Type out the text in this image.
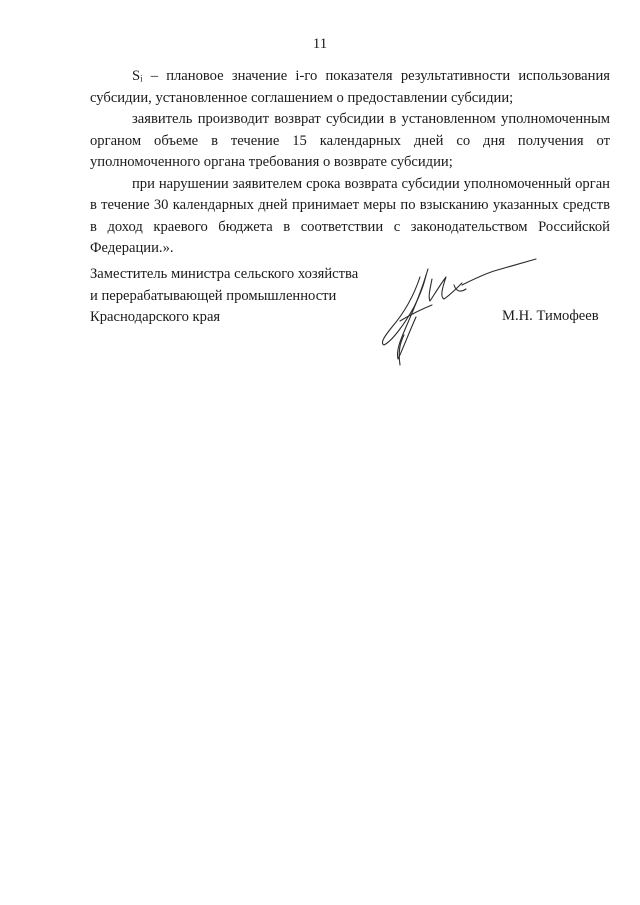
11

Sᵢ – плановое значение i-го показателя результативности использования субсидии, установленное соглашением о предоставлении субсидии;

заявитель производит возврат субсидии в установленном уполномоченным органом объеме в течение 15 календарных дней со дня получения от уполномоченного органа требования о возврате субсидии;

при нарушении заявителем срока возврата субсидии уполномоченный орган в течение 30 календарных дней принимает меры по взысканию указанных средств в доход краевого бюджета в соответствии с законодательством Российской Федерации.».

Заместитель министра сельского хозяйства
и перерабатывающей промышленности
Краснодарского края	М.Н. Тимофеев
